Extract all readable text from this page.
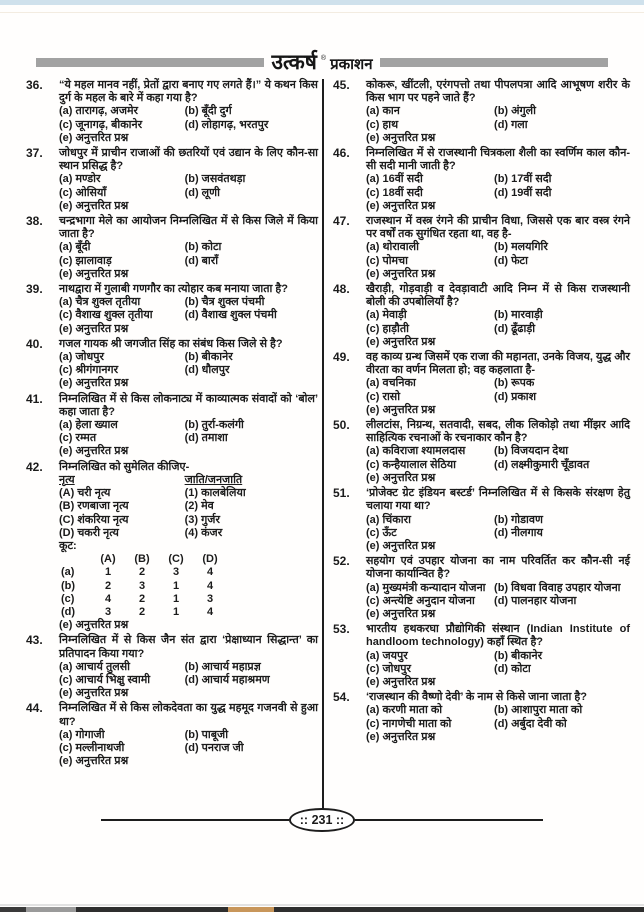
उत्कर्ष ® प्रकाशन
36.	“ये महल मानव नहीं, प्रेतों द्वारा बनाए गए लगते हैं।” ये कथन किस दुर्ग के महल के बारे में कहा गया है?
(a) तारागढ़, अजमेर	(b) बूँदी दुर्ग
(c) जूनागढ़, बीकानेर	(d) लोहागढ़, भरतपुर
(e) अनुत्तरित प्रश्न
37.	जोधपुर में प्राचीन राजाओं की छतरियों एवं उद्यान के लिए कौन-सा स्थान प्रसिद्ध है?
(a) मण्डोर	(b) जसवंतथड़ा
(c) ओसियाँ	(d) लूणी
(e) अनुत्तरित प्रश्न
38.	चन्द्रभागा मेले का आयोजन निम्नलिखित में से किस जिले में किया जाता है?
(a) बूँदी	(b) कोटा
(c) झालावाड़	(d) बाराँ
(e) अनुत्तरित प्रश्न
39.	नाथद्वारा में गुलाबी गणगौर का त्योहार कब मनाया जाता है?
(a) चैत्र शुक्ल तृतीया	(b) चैत्र शुक्ल पंचमी
(c) वैशाख शुक्ल तृतीया	(d) वैशाख शुक्ल पंचमी
(e) अनुत्तरित प्रश्न
40.	गजल गायक श्री जगजीत सिंह का संबंध किस जिले से है?
(a) जोधपुर	(b) बीकानेर
(c) श्रीगंगानगर	(d) धौलपुर
(e) अनुत्तरित प्रश्न
41.	निम्नलिखित में से किस लोकनाट्य में काव्यात्मक संवादों को ‘बोल’ कहा जाता है?
(a) हेला ख्याल	(b) तुर्रा-कलंगी
(c) रम्मत	(d) तमाशा
(e) अनुत्तरित प्रश्न
42.	निम्नलिखित को सुमेलित कीजिए-
नृत्य	जाति/जनजाति
(A) चरी नृत्य	(1) कालबेलिया
(B) रणबाजा नृत्य	(2) मेव
(C) शंकरिया नृत्य	(3) गुर्जर
(D) चकरी नृत्य	(4) कंजर
कूट:
(A)	(B)	(C)	(D)
(a)	1	2	3	4
(b)	2	3	1	4
(c)	4	2	1	3
(d)	3	2	1	4
(e) अनुत्तरित प्रश्न
43.	निम्नलिखित में से किस जैन संत द्वारा ‘प्रेक्षाध्यान सिद्धान्त’ का प्रतिपादन किया गया?
(a) आचार्य तुलसी	(b) आचार्य महाप्रज्ञ
(c) आचार्य भिक्षु स्वामी	(d) आचार्य महाश्रमण
(e) अनुत्तरित प्रश्न
44.	निम्नलिखित में से किस लोकदेवता का युद्ध महमूद गजनवी से हुआ था?
(a) गोगाजी	(b) पाबूजी
(c) मल्लीनाथजी	(d) पनराज जी
(e) अनुत्तरित प्रश्न
45.	कोकरू, खींटली, एरंगपत्तो तथा पीपलपत्रा आदि आभूषण शरीर के किस भाग पर पहने जाते हैं?
(a) कान	(b) अंगुली
(c) हाथ	(d) गला
(e) अनुत्तरित प्रश्न
46.	निम्नलिखित में से राजस्थानी चित्रकला शैली का स्वर्णिम काल कौन-सी सदी मानी जाती है?
(a) 16वीं सदी	(b) 17वीं सदी
(c) 18वीं सदी	(d) 19वीं सदी
(e) अनुत्तरित प्रश्न
47.	राजस्थान में वस्त्र रंगने की प्राचीन विधा, जिससे एक बार वस्त्र रंगने पर वर्षों तक सुगंधित रहता था, वह है-
(a) थोरावाली	(b) मलयगिरि
(c) पोमचा	(d) फेटा
(e) अनुत्तरित प्रश्न
48.	खैराड़ी, गोड़वाड़ी व देवड़ावाटी आदि निम्न में से किस राजस्थानी बोली की उपबोलियाँ है?
(a) मेवाड़ी	(b) मारवाड़ी
(c) हाड़ौती	(d) ढूँढाड़ी
(e) अनुत्तरित प्रश्न
49.	वह काव्य ग्रन्थ जिसमें एक राजा की महानता, उनके विजय, युद्ध और वीरता का वर्णन मिलता हो; वह कहलाता है-
(a) वचनिका	(b) रूपक
(c) रासो	(d) प्रकाश
(e) अनुत्तरित प्रश्न
50.	लीलटांस, निग्रन्थ, सतवादी, सबद, लीक लिकोड़ो तथा मींझर आदि साहित्यिक रचनाओं के रचनाकार कौन है?
(a) कविराजा श्यामलदास	(b) विजयदान देथा
(c) कन्हैयालाल सेठिया	(d) लक्ष्मीकुमारी चूँडावत
(e) अनुत्तरित प्रश्न
51.	‘प्रोजेक्ट ग्रेट इंडियन बस्टर्ड’ निम्नलिखित में से किसके संरक्षण हेतु चलाया गया था?
(a) चिंकारा	(b) गोडावण
(c) ऊँट	(d) नीलगाय
(e) अनुत्तरित प्रश्न
52.	सहयोग एवं उपहार योजना का नाम परिवर्तित कर कौन-सी नई योजना कार्यान्वित है?
(a) मुख्यमंत्री कन्यादान योजना (b) विधवा विवाह उपहार योजना
(c) अन्त्येष्टि अनुदान योजना (d) पालनहार योजना
(e) अनुत्तरित प्रश्न
53.	भारतीय हथकरघा प्रौद्योगिकी संस्थान (Indian Institute of handloom technology) कहाँ स्थित है?
(a) जयपुर	(b) बीकानेर
(c) जोधपुर	(d) कोटा
(e) अनुत्तरित प्रश्न
54.	‘राजस्थान की वैष्णो देवी’ के नाम से किसे जाना जाता है?
(a) करणी माता को	(b) आशापुरा माता को
(c) नागणेची माता को	(d) अर्बुदा देवी को
(e) अनुत्तरित प्रश्न
:: 231 ::
